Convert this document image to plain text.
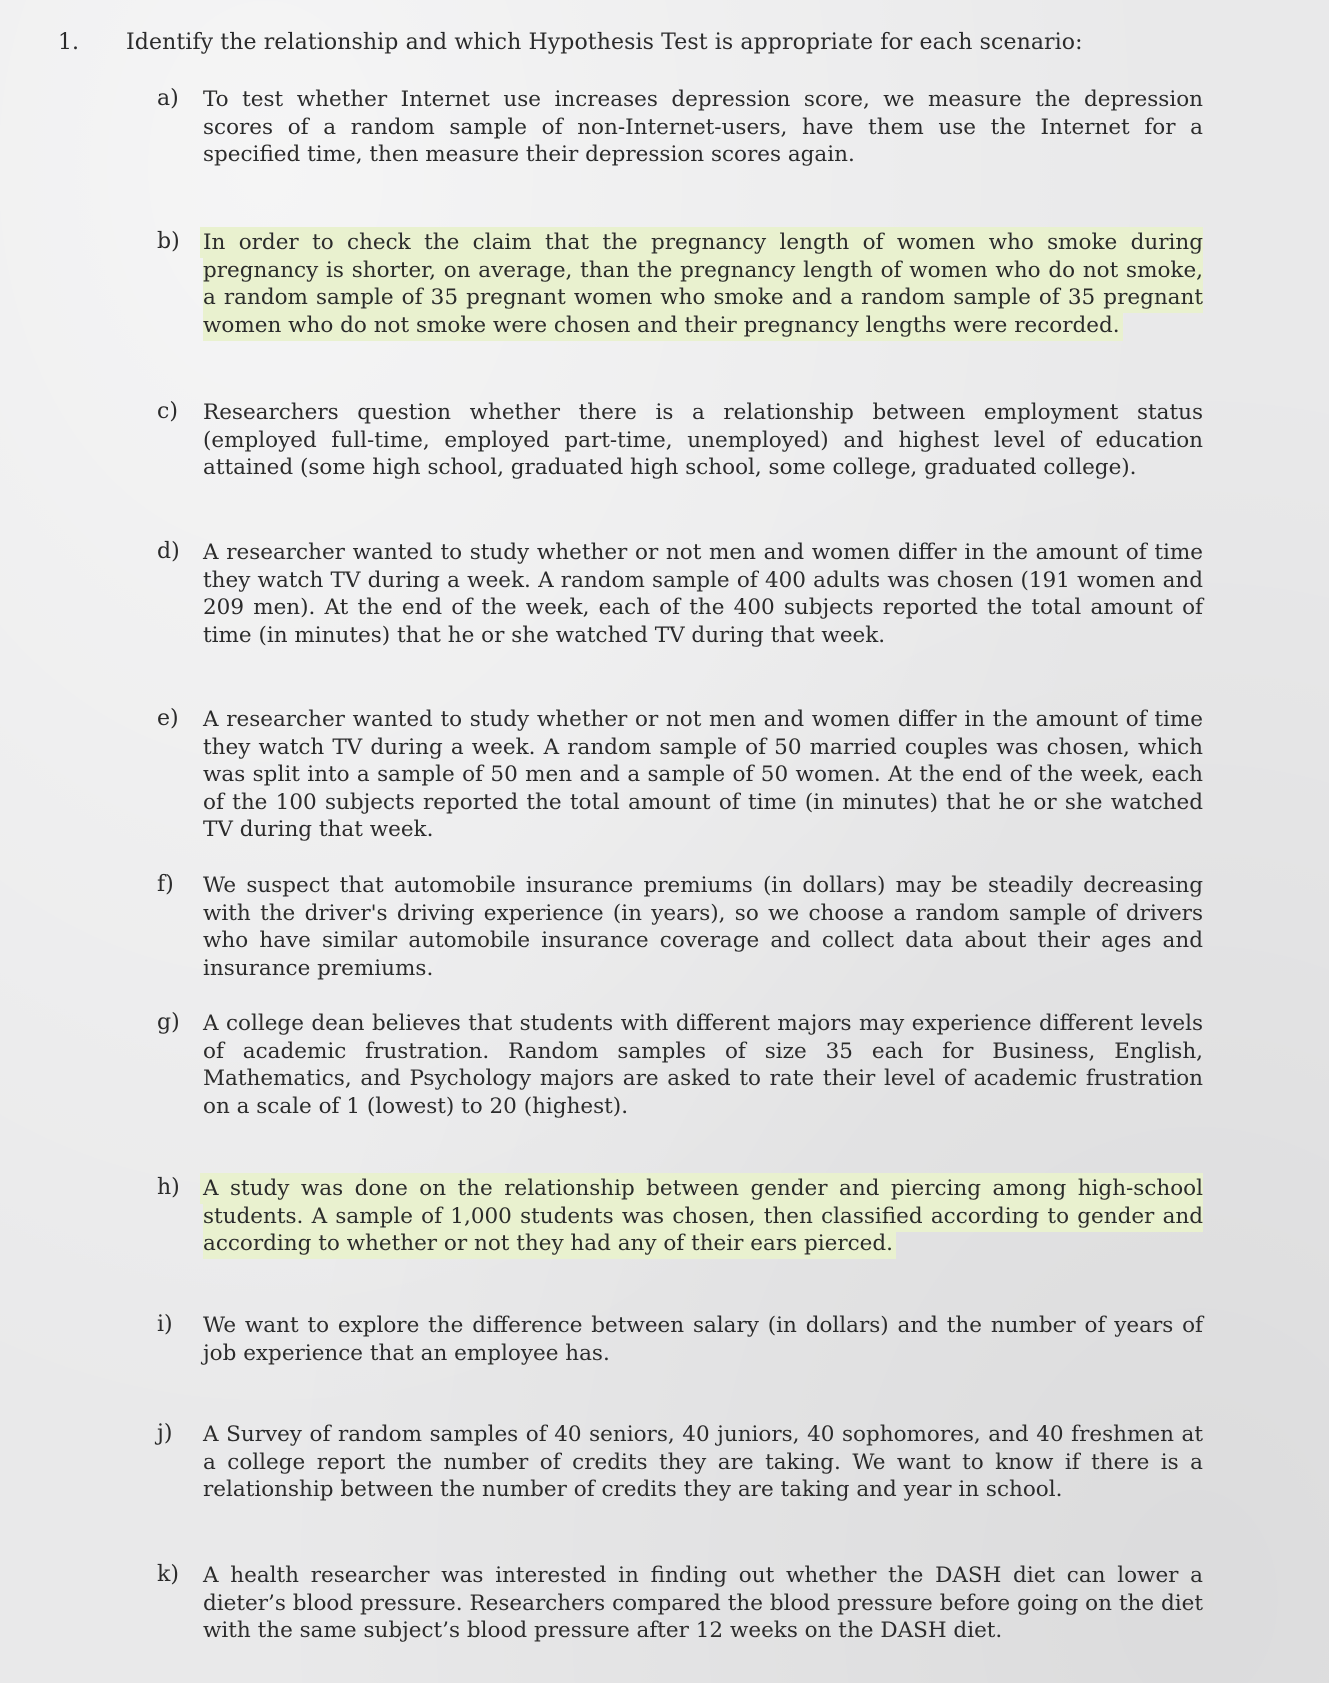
1. Identify the relationship and which Hypothesis Test is appropriate for each scenario:
a) To test whether Internet use increases depression score, we measure the depression scores of a random sample of non-Internet-users, have them use the Internet for a specified time, then measure their depression scores again.
b) In order to check the claim that the pregnancy length of women who smoke during pregnancy is shorter, on average, than the pregnancy length of women who do not smoke, a random sample of 35 pregnant women who smoke and a random sample of 35 pregnant women who do not smoke were chosen and their pregnancy lengths were recorded.
c) Researchers question whether there is a relationship between employment status (employed full-time, employed part-time, unemployed) and highest level of education attained (some high school, graduated high school, some college, graduated college).
d) A researcher wanted to study whether or not men and women differ in the amount of time they watch TV during a week. A random sample of 400 adults was chosen (191 women and 209 men). At the end of the week, each of the 400 subjects reported the total amount of time (in minutes) that he or she watched TV during that week.
e) A researcher wanted to study whether or not men and women differ in the amount of time they watch TV during a week. A random sample of 50 married couples was chosen, which was split into a sample of 50 men and a sample of 50 women. At the end of the week, each of the 100 subjects reported the total amount of time (in minutes) that he or she watched TV during that week.
f) We suspect that automobile insurance premiums (in dollars) may be steadily decreasing with the driver's driving experience (in years), so we choose a random sample of drivers who have similar automobile insurance coverage and collect data about their ages and insurance premiums.
g) A college dean believes that students with different majors may experience different levels of academic frustration. Random samples of size 35 each for Business, English, Mathematics, and Psychology majors are asked to rate their level of academic frustration on a scale of 1 (lowest) to 20 (highest).
h) A study was done on the relationship between gender and piercing among high-school students. A sample of 1,000 students was chosen, then classified according to gender and according to whether or not they had any of their ears pierced.
i) We want to explore the difference between salary (in dollars) and the number of years of job experience that an employee has.
j) A Survey of random samples of 40 seniors, 40 juniors, 40 sophomores, and 40 freshmen at a college report the number of credits they are taking. We want to know if there is a relationship between the number of credits they are taking and year in school.
k) A health researcher was interested in finding out whether the DASH diet can lower a dieter’s blood pressure. Researchers compared the blood pressure before going on the diet with the same subject’s blood pressure after 12 weeks on the DASH diet.
